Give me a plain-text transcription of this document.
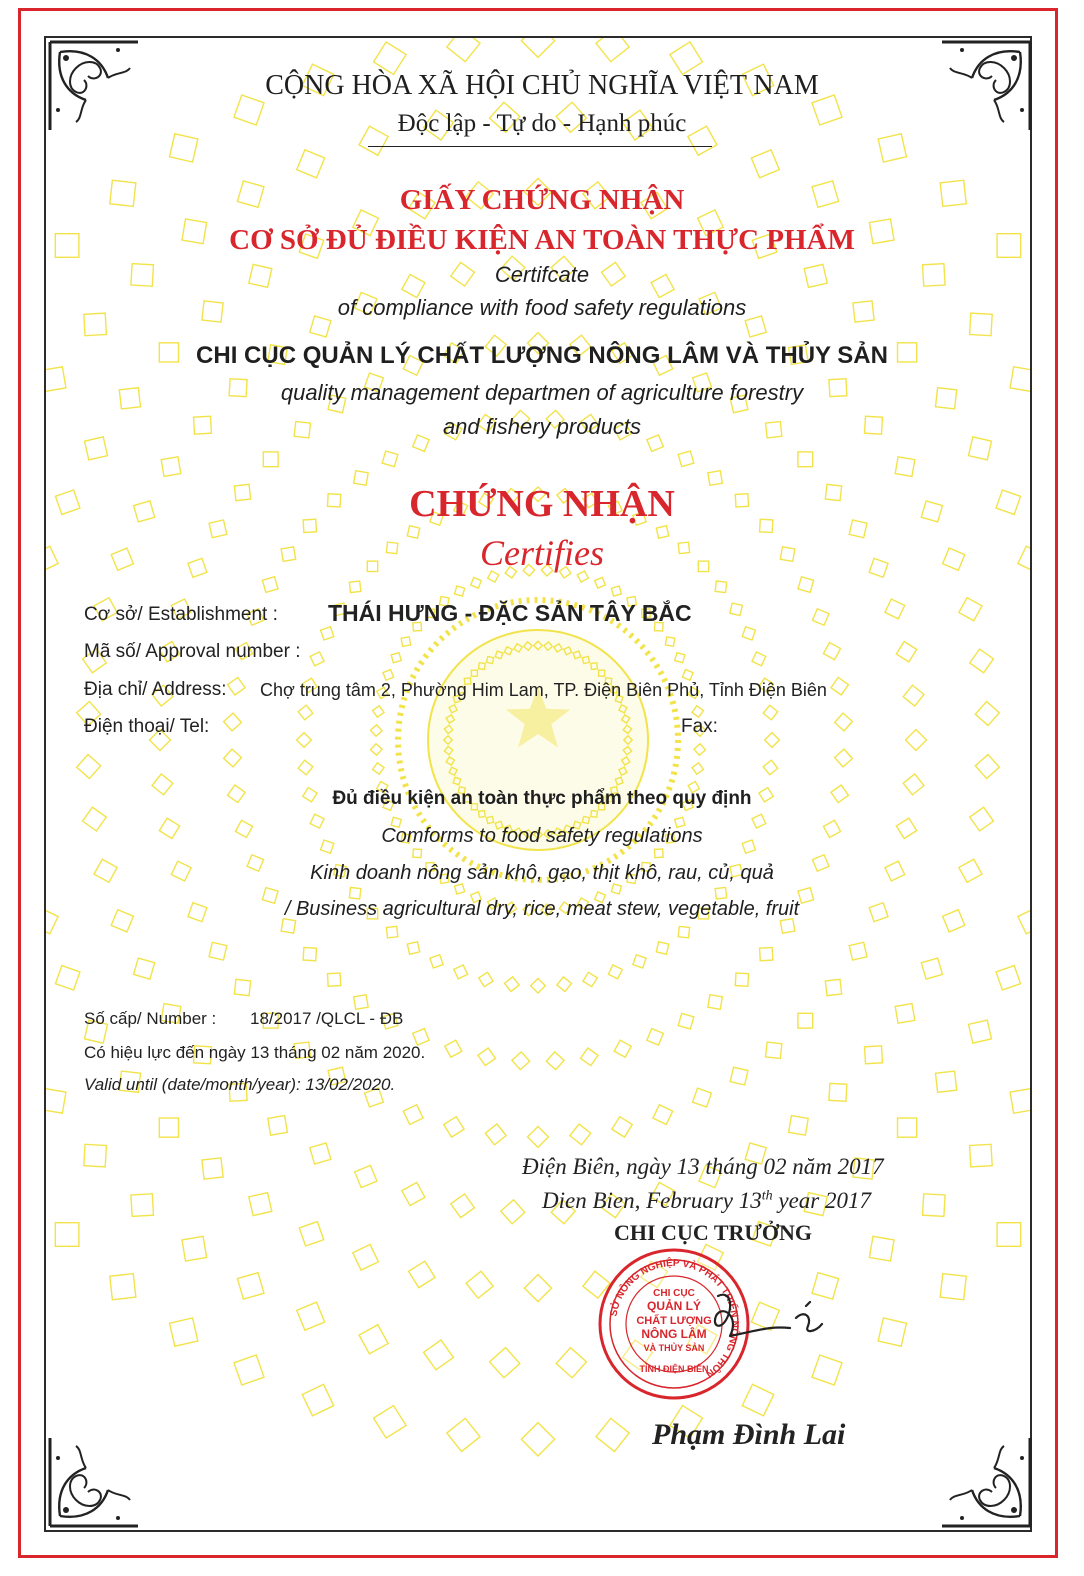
CỘNG HÒA XÃ HỘI CHỦ NGHĨA VIỆT NAM
Độc lập - Tự do - Hạnh phúc
GIẤY CHỨNG NHẬN
CƠ SỞ ĐỦ ĐIỀU KIỆN AN TOÀN THỰC PHẨM
Certifcate
of compliance with food safety regulations
CHI CỤC QUẢN LÝ CHẤT LƯỢNG NÔNG LÂM VÀ THỦY SẢN
quality management departmen of agriculture forestry
and fishery products
CHỨNG NHẬN
Certifies
Cơ sở/ Establishment : THÁI HƯNG - ĐẶC SẢN TÂY BẮC
Mã số/ Approval number :
Địa chỉ/ Address: Chợ trung tâm 2, Phường Him Lam, TP. Điện Biên Phủ, Tỉnh Điện Biên
Điện thoại/ Tel:	Fax:
Đủ điều kiện an toàn thực phẩm theo quy định
Comforms to food safety regulations
Kinh doanh nông sản khô, gạo, thịt khô, rau, củ, quả
/ Business agricultural dry, rice, meat stew, vegetable, fruit
Số cấp/ Number : 18/2017 /QLCL - ĐB
Có hiệu lực đến ngày 13 tháng 02 năm 2020.
Valid until (date/month/year): 13/02/2020.
Điện Biên, ngày 13 tháng 02 năm 2017
Dien Bien, February 13th year 2017
CHI CỤC TRƯỞNG
SỞ NÔNG NGHIỆP VÀ PHÁT TRIỂN NÔNG THÔN
CHI CỤC
QUẢN LÝ
CHẤT LƯỢNG
NÔNG LÂM
VÀ THỦY SẢN
TỈNH ĐIỆN BIÊN
Phạm Đình Lai
